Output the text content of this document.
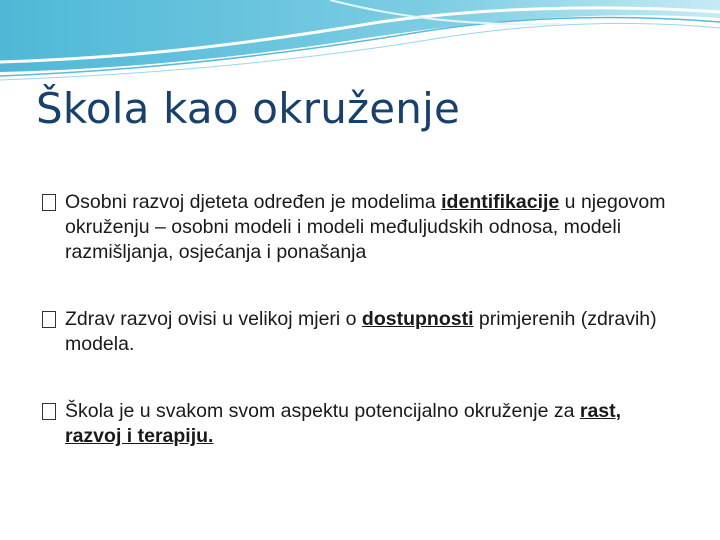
Škola kao okruženje
Osobni razvoj djeteta određen je modelima identifikacije u njegovom okruženju – osobni modeli i modeli međuljudskih odnosa, modeli razmišljanja, osjećanja i ponašanja
Zdrav razvoj ovisi u velikoj mjeri o dostupnosti primjerenih (zdravih) modela.
Škola je u svakom svom aspektu potencijalno okruženje za rast, razvoj i terapiju.
